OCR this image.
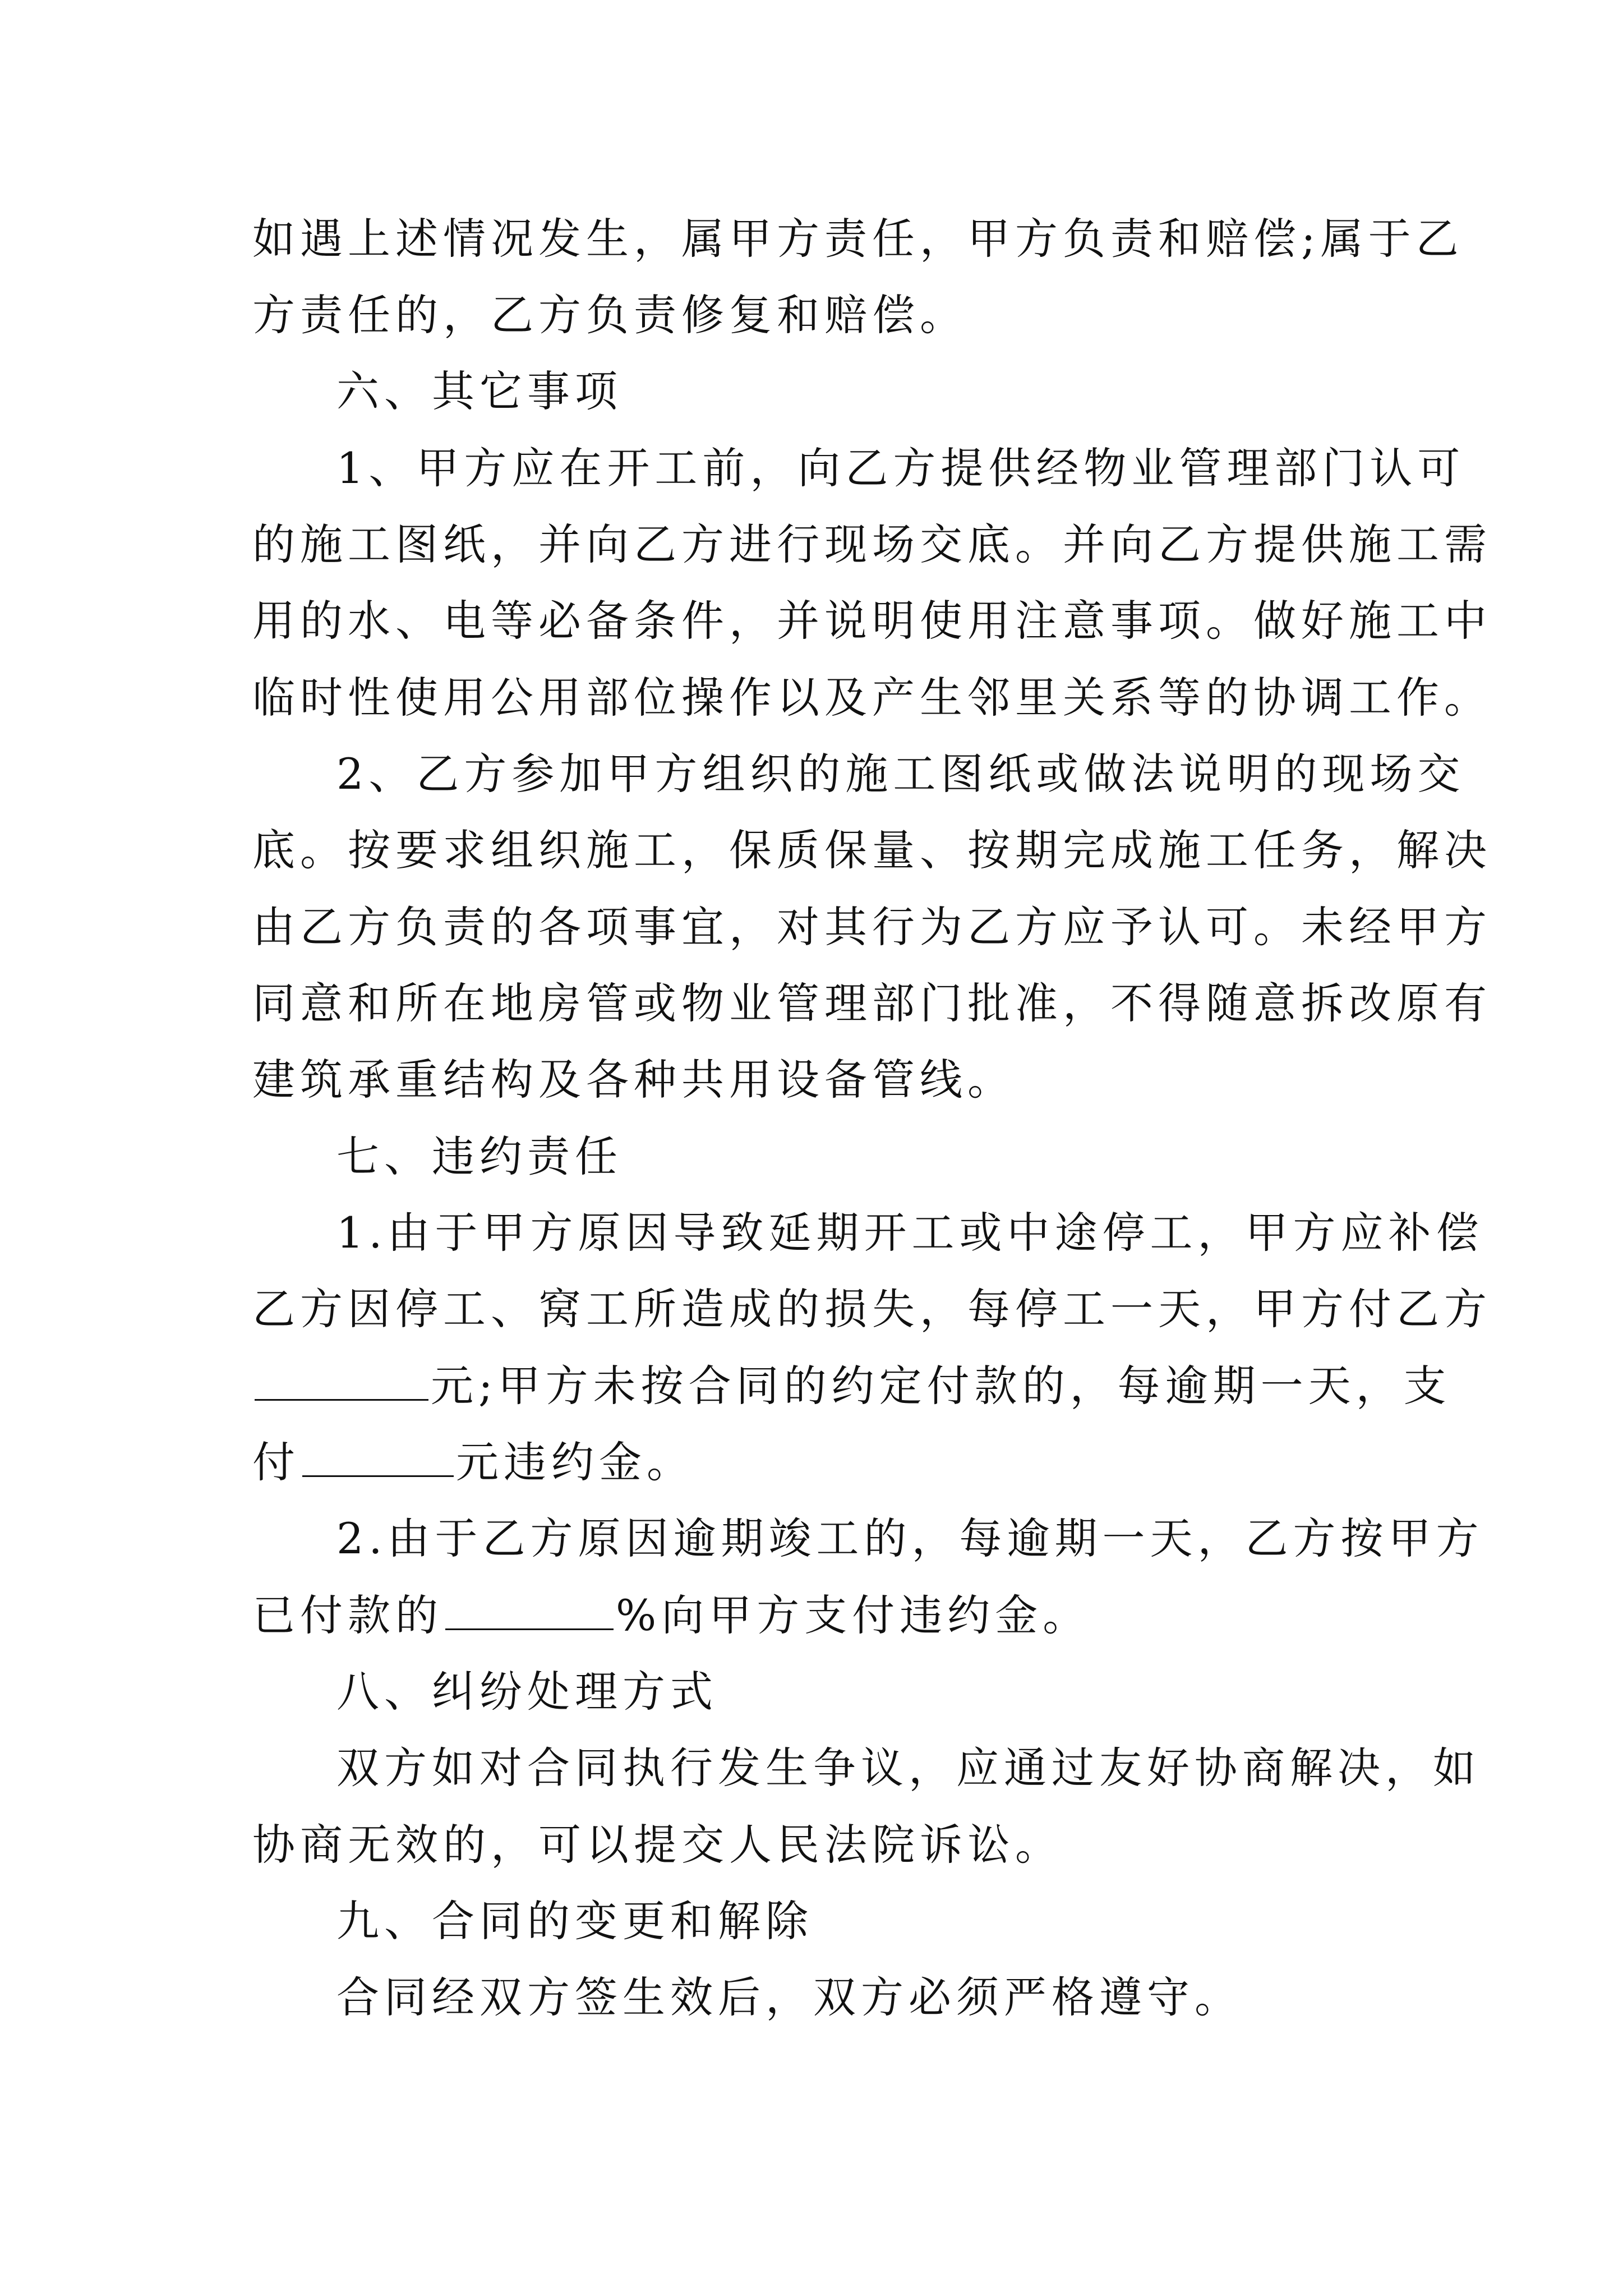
如遇上述情况发生，属甲方责任，甲方负责和赔偿;属于乙
方责任的，乙方负责修复和赔偿。
六、其它事项
1、甲方应在开工前，向乙方提供经物业管理部门认可
的施工图纸，并向乙方进行现场交底。并向乙方提供施工需
用的水、电等必备条件，并说明使用注意事项。做好施工中
临时性使用公用部位操作以及产生邻里关系等的协调工作。
2、乙方参加甲方组织的施工图纸或做法说明的现场交
底。按要求组织施工，保质保量、按期完成施工任务，解决
由乙方负责的各项事宜，对其行为乙方应予认可。未经甲方
同意和所在地房管或物业管理部门批准，不得随意拆改原有
建筑承重结构及各种共用设备管线。
七、违约责任
1.由于甲方原因导致延期开工或中途停工，甲方应补偿
乙方因停工、窝工所造成的损失，每停工一天，甲方付乙方
元;甲方未按合同的约定付款的，每逾期一天，支
付	元违约金。
2.由于乙方原因逾期竣工的，每逾期一天，乙方按甲方
已付款的	%向甲方支付违约金。
八、纠纷处理方式
双方如对合同执行发生争议，应通过友好协商解决，如
协商无效的，可以提交人民法院诉讼。
九、合同的变更和解除
合同经双方签生效后，双方必须严格遵守。
